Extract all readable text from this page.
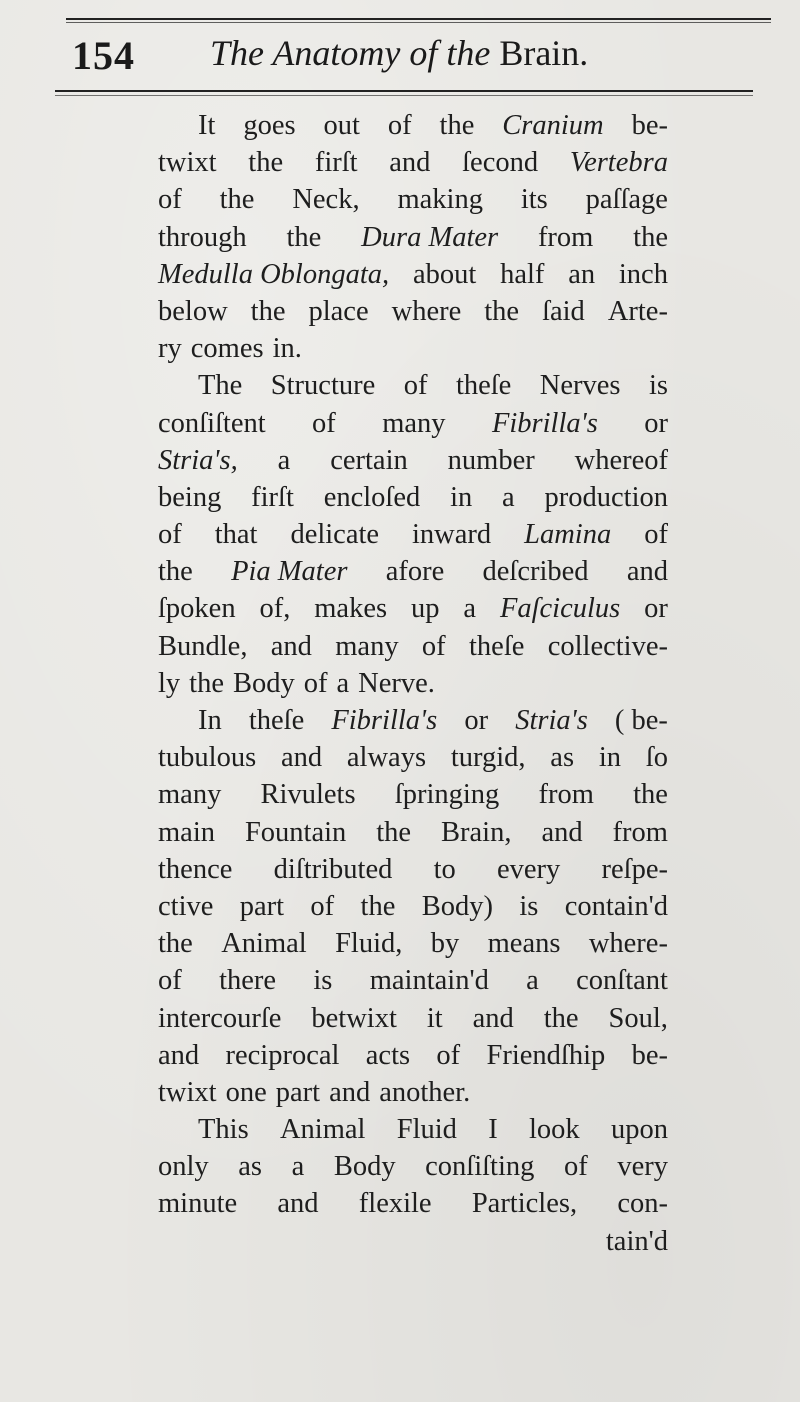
154 The Anatomy of the Brain.
It goes out of the Cranium be-
twixt the firſt and ſecond Vertebra
of the Neck, making its paſſage
through the Dura Mater from the
Medulla Oblongata, about half an inch
below the place where the ſaid Arte-
ry comes in.
The Structure of theſe Nerves is
conſiſtent of many Fibrilla's or
Stria's, a certain number whereof
being firſt encloſed in a production
of that delicate inward Lamina of
the Pia Mater afore deſcribed and
ſpoken of, makes up a Faſciculus or
Bundle, and many of theſe collective-
ly the Body of a Nerve.
In theſe Fibrilla's or Stria's ( be-
tubulous and always turgid, as in ſo
many Rivulets ſpringing from the
main Fountain the Brain, and from
thence diſtributed to every reſpe-
ctive part of the Body) is contain'd
the Animal Fluid, by means where-
of there is maintain'd a conſtant
intercourſe betwixt it and the Soul,
and reciprocal acts of Friendſhip be-
twixt one part and another.
This Animal Fluid I look upon
only as a Body conſiſting of very
minute and flexile Particles, con-
tain'd
